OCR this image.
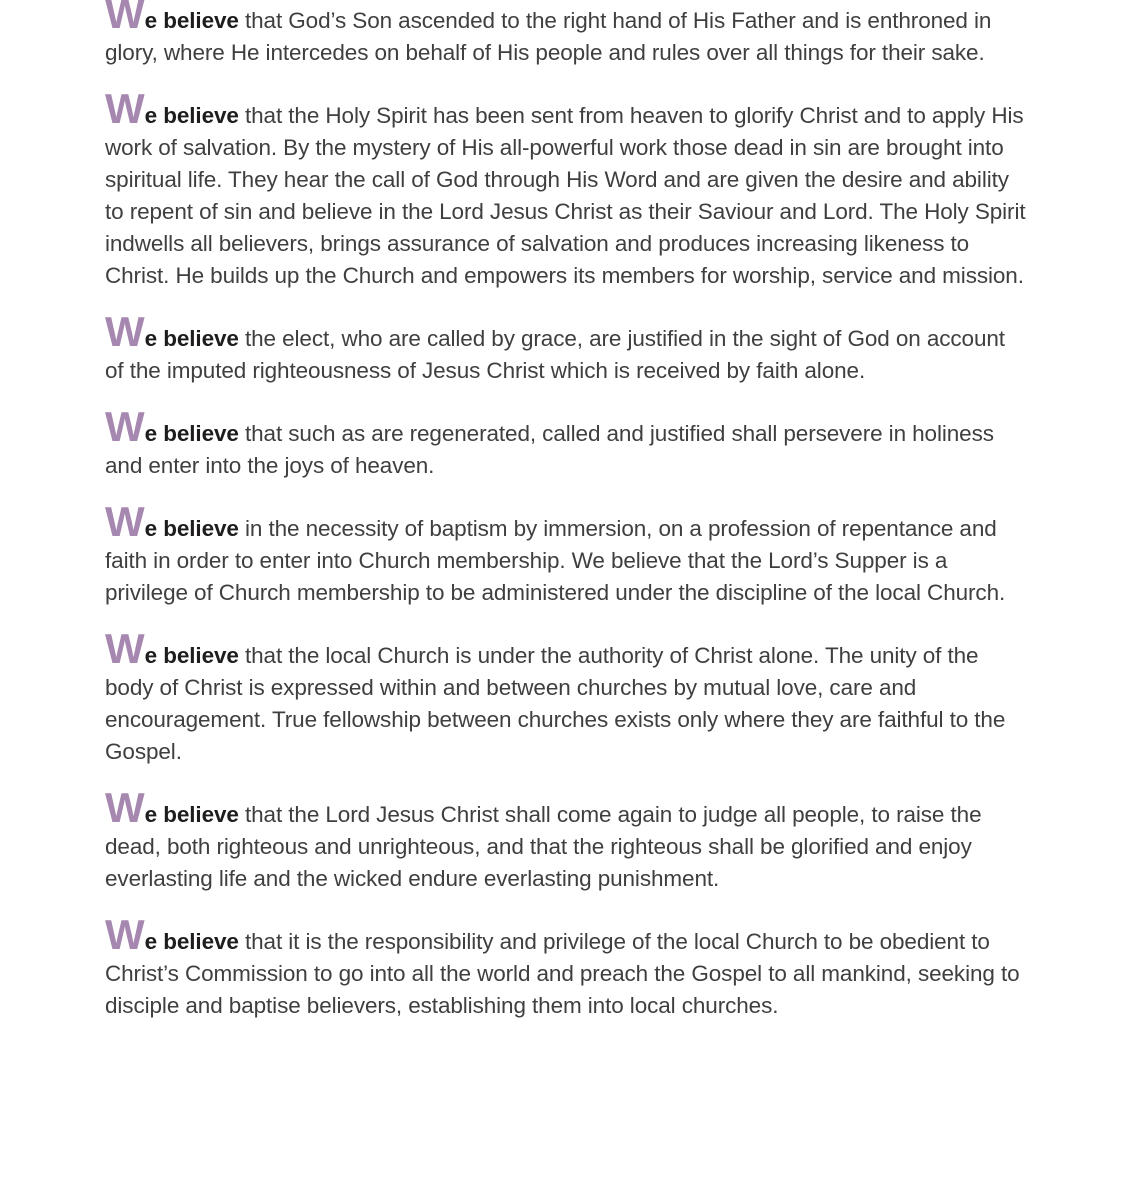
We believe that God’s Son ascended to the right hand of His Father and is enthroned in glory, where He intercedes on behalf of His people and rules over all things for their sake.

We believe that the Holy Spirit has been sent from heaven to glorify Christ and to apply His work of salvation. By the mystery of His all-powerful work those dead in sin are brought into spiritual life. They hear the call of God through His Word and are given the desire and ability to repent of sin and believe in the Lord Jesus Christ as their Saviour and Lord. The Holy Spirit indwells all believers, brings assurance of salvation and produces increasing likeness to Christ. He builds up the Church and empowers its members for worship, service and mission.

We believe the elect, who are called by grace, are justified in the sight of God on account of the imputed righteousness of Jesus Christ which is received by faith alone.

We believe that such as are regenerated, called and justified shall persevere in holiness and enter into the joys of heaven.

We believe in the necessity of baptism by immersion, on a profession of repentance and faith in order to enter into Church membership. We believe that the Lord’s Supper is a privilege of Church membership to be administered under the discipline of the local Church.

We believe that the local Church is under the authority of Christ alone. The unity of the body of Christ is expressed within and between churches by mutual love, care and encouragement. True fellowship between churches exists only where they are faithful to the Gospel.

We believe that the Lord Jesus Christ shall come again to judge all people, to raise the dead, both righteous and unrighteous, and that the righteous shall be glorified and enjoy everlasting life and the wicked endure everlasting punishment.

We believe that it is the responsibility and privilege of the local Church to be obedient to Christ’s Commission to go into all the world and preach the Gospel to all mankind, seeking to disciple and baptise believers, establishing them into local churches.
